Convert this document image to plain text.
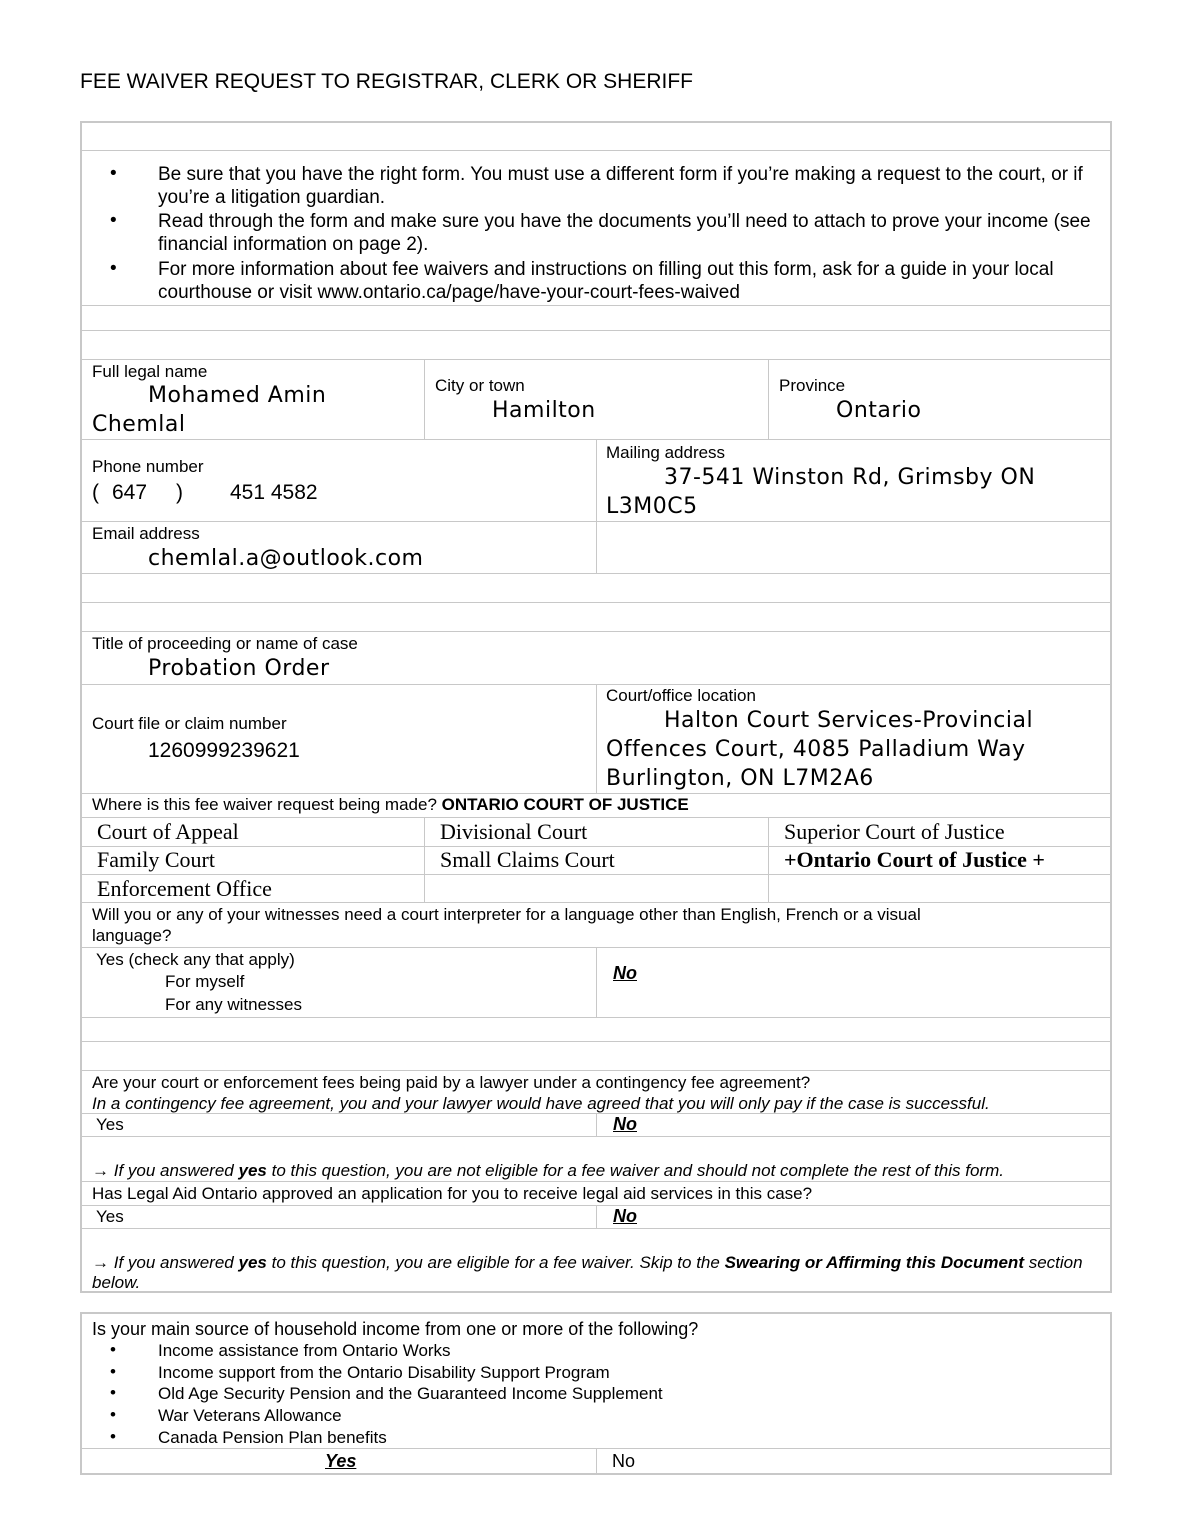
FEE WAIVER REQUEST TO REGISTRAR, CLERK OR SHERIFF
• Be sure that you have the right form. You must use a different form if you’re making a request to the court, or if you’re a litigation guardian.
• Read through the form and make sure you have the documents you’ll need to attach to prove your income (see financial information on page 2).
• For more information about fee waivers and instructions on filling out this form, ask for a guide in your local courthouse or visit www.ontario.ca/page/have-your-court-fees-waived
Full legal name
Mohamed Amin
Chemlal
City or town
Hamilton
Province
Ontario
Phone number
( 647 ) 451 4582
Mailing address
37-541 Winston Rd, Grimsby ON
L3M0C5
Email address
chemlal.a@outlook.com
Title of proceeding or name of case
Probation Order
Court file or claim number
1260999239621
Court/office location
Halton Court Services-Provincial
Offences Court, 4085 Palladium Way
Burlington, ON L7M2A6
Where is this fee waiver request being made? ONTARIO COURT OF JUSTICE
Court of Appeal	Divisional Court	Superior Court of Justice
Family Court	Small Claims Court	+Ontario Court of Justice +
Enforcement Office
Will you or any of your witnesses need a court interpreter for a language other than English, French or a visual
language?
Yes (check any that apply)
For myself
For any witnesses
No
Are your court or enforcement fees being paid by a lawyer under a contingency fee agreement?
In a contingency fee agreement, you and your lawyer would have agreed that you will only pay if the case is successful.
Yes	No
→ If you answered yes to this question, you are not eligible for a fee waiver and should not complete the rest of this form.
Has Legal Aid Ontario approved an application for you to receive legal aid services in this case?
Yes	No
→ If you answered yes to this question, you are eligible for a fee waiver. Skip to the Swearing or Affirming this Document section
below.
Is your main source of household income from one or more of the following?
• Income assistance from Ontario Works
• Income support from the Ontario Disability Support Program
• Old Age Security Pension and the Guaranteed Income Supplement
• War Veterans Allowance
• Canada Pension Plan benefits
Yes	No
